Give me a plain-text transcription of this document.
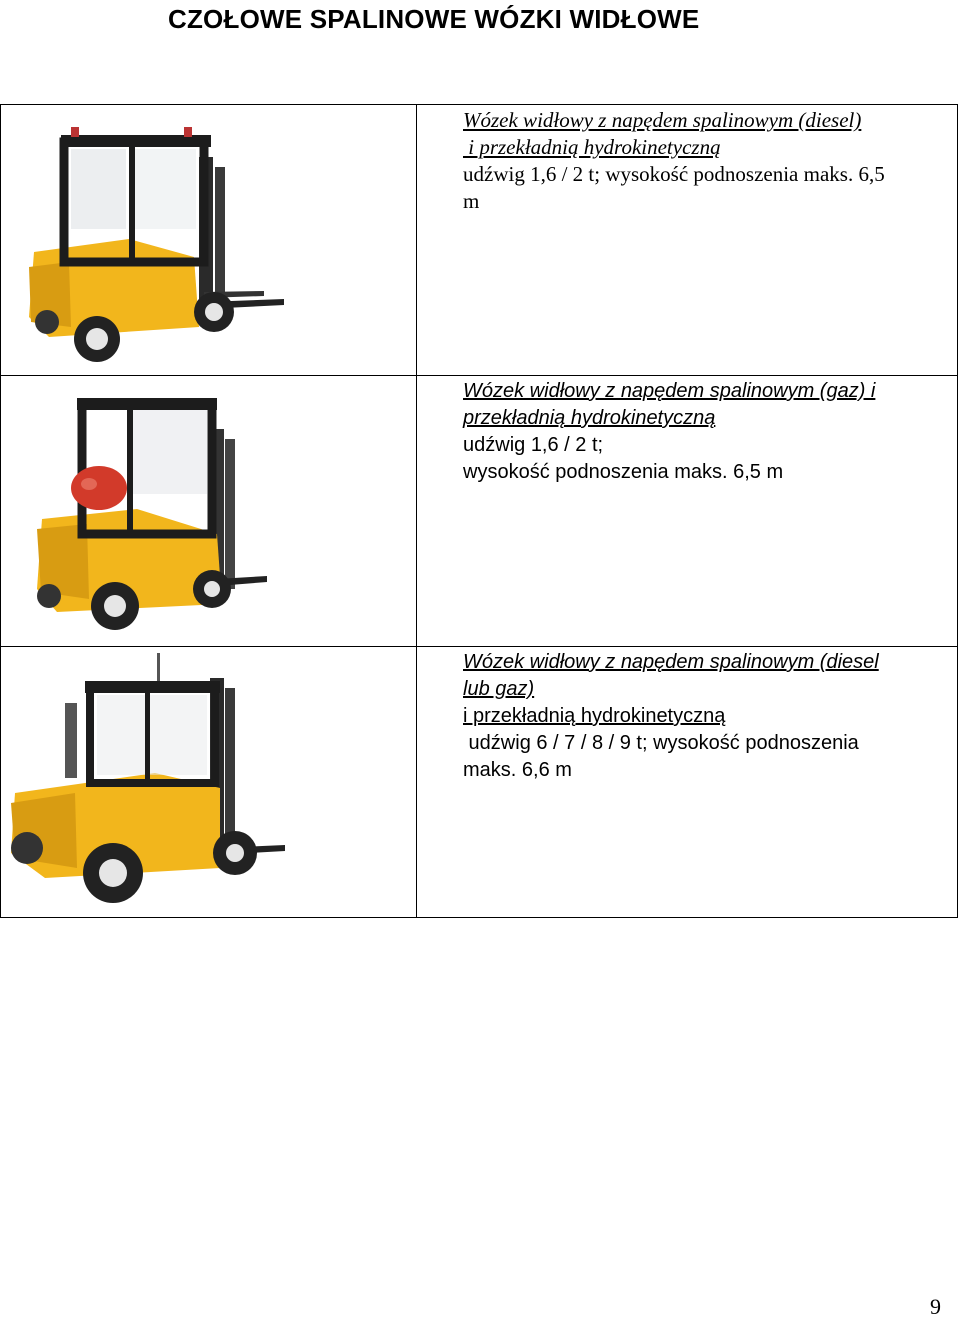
CZOŁOWE SPALINOWE WÓZKI WIDŁOWE

Wózek widłowy z napędem spalinowym (diesel)
i przekładnią hydrokinetyczną
udźwig 1,6 / 2 t; wysokość podnoszenia maks. 6,5
m

Wózek widłowy z napędem spalinowym (gaz) i
przekładnią hydrokinetyczną
udźwig 1,6 / 2 t;
wysokość podnoszenia maks. 6,5 m

Wózek widłowy z napędem spalinowym (diesel
lub gaz)
i przekładnią hydrokinetyczną
udźwig 6 / 7 / 8 / 9 t; wysokość podnoszenia
maks. 6,6 m
9
